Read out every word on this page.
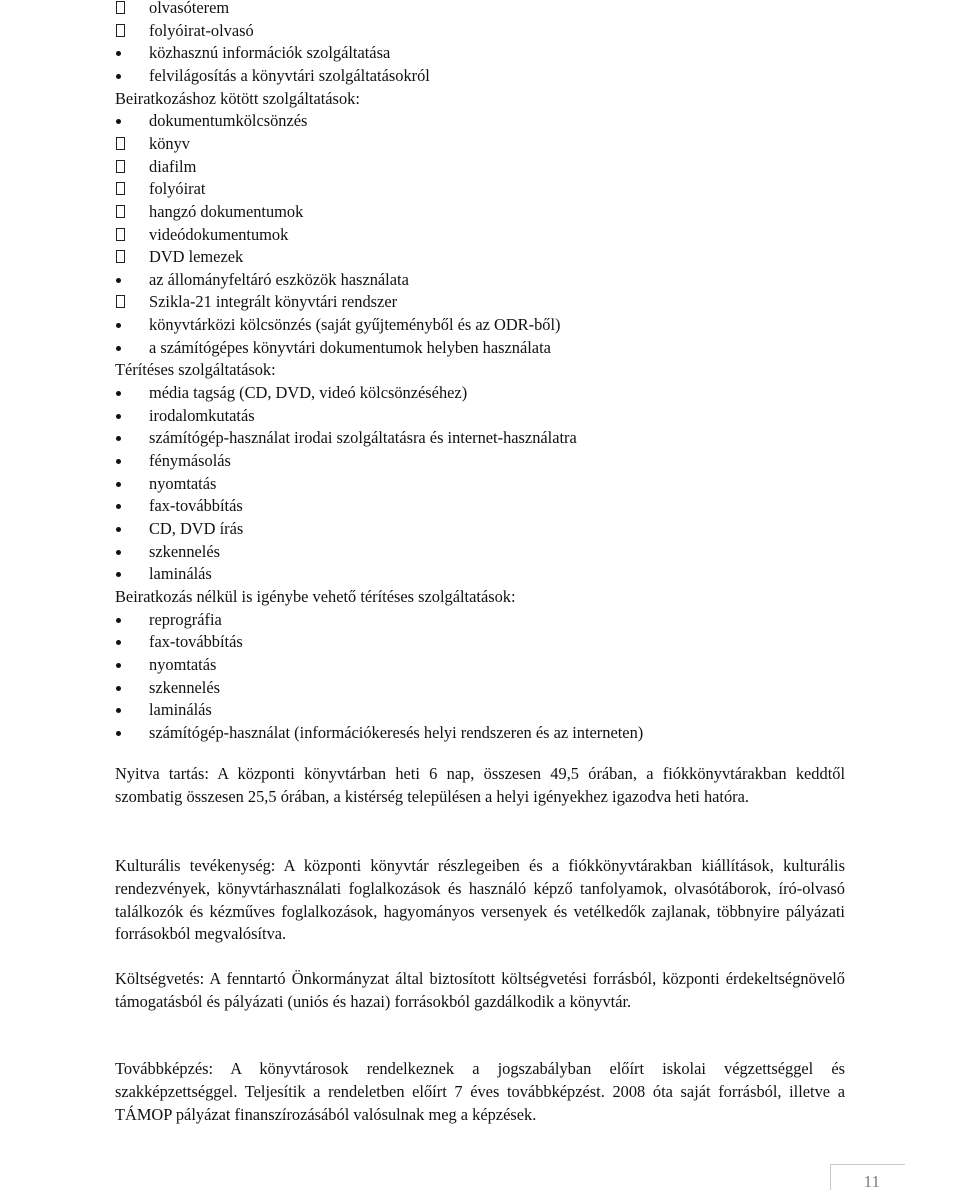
olvasóterem
folyóirat-olvasó
közhasznú információk szolgáltatása
felvilágosítás a könyvtári szolgáltatásokról
Beiratkozáshoz kötött szolgáltatások:
dokumentumkölcsönzés
könyv
diafilm
folyóirat
hangzó dokumentumok
videódokumentumok
DVD lemezek
az állományfeltáró eszközök használata
Szikla-21 integrált könyvtári rendszer
könyvtárközi kölcsönzés (saját gyűjteményből és az ODR-ből)
a számítógépes könyvtári dokumentumok helyben használata
Térítéses szolgáltatások:
média tagság (CD, DVD, videó kölcsönzéséhez)
irodalomkutatás
számítógép-használat irodai szolgáltatásra és internet-használatra
fénymásolás
nyomtatás
fax-továbbítás
CD, DVD írás
szkennelés
laminálás
Beiratkozás nélkül is igénybe vehető térítéses szolgáltatások:
reprográfia
fax-továbbítás
nyomtatás
szkennelés
laminálás
számítógép-használat (információkeresés helyi rendszeren és az interneten)

Nyitva tartás: A központi könyvtárban heti 6 nap, összesen 49,5 órában, a fiókkönyvtárakban keddtől szombatig összesen 25,5 órában, a kistérség településen a helyi igényekhez igazodva heti hatóra.

Kulturális tevékenység: A központi könyvtár részlegeiben és a fiókkönyvtárakban kiállítások, kulturális rendezvények, könyvtárhasználati foglalkozások és használó képző tanfolyamok, olvasótáborok, író-olvasó találkozók és kézműves foglalkozások, hagyományos versenyek és vetélkedők zajlanak, többnyire pályázati forrásokból megvalósítva.

Költségvetés: A fenntartó Önkormányzat által biztosított költségvetési forrásból, központi érdekeltségnövelő támogatásból és pályázati (uniós és hazai) forrásokból gazdálkodik a könyvtár.

Továbbképzés: A könyvtárosok rendelkeznek a jogszabályban előírt iskolai végzettséggel és szakképzettséggel. Teljesítik a rendeletben előírt 7 éves továbbképzést. 2008 óta saját forrásból, illetve a TÁMOP pályázat finanszírozásából valósulnak meg a képzések.

11
